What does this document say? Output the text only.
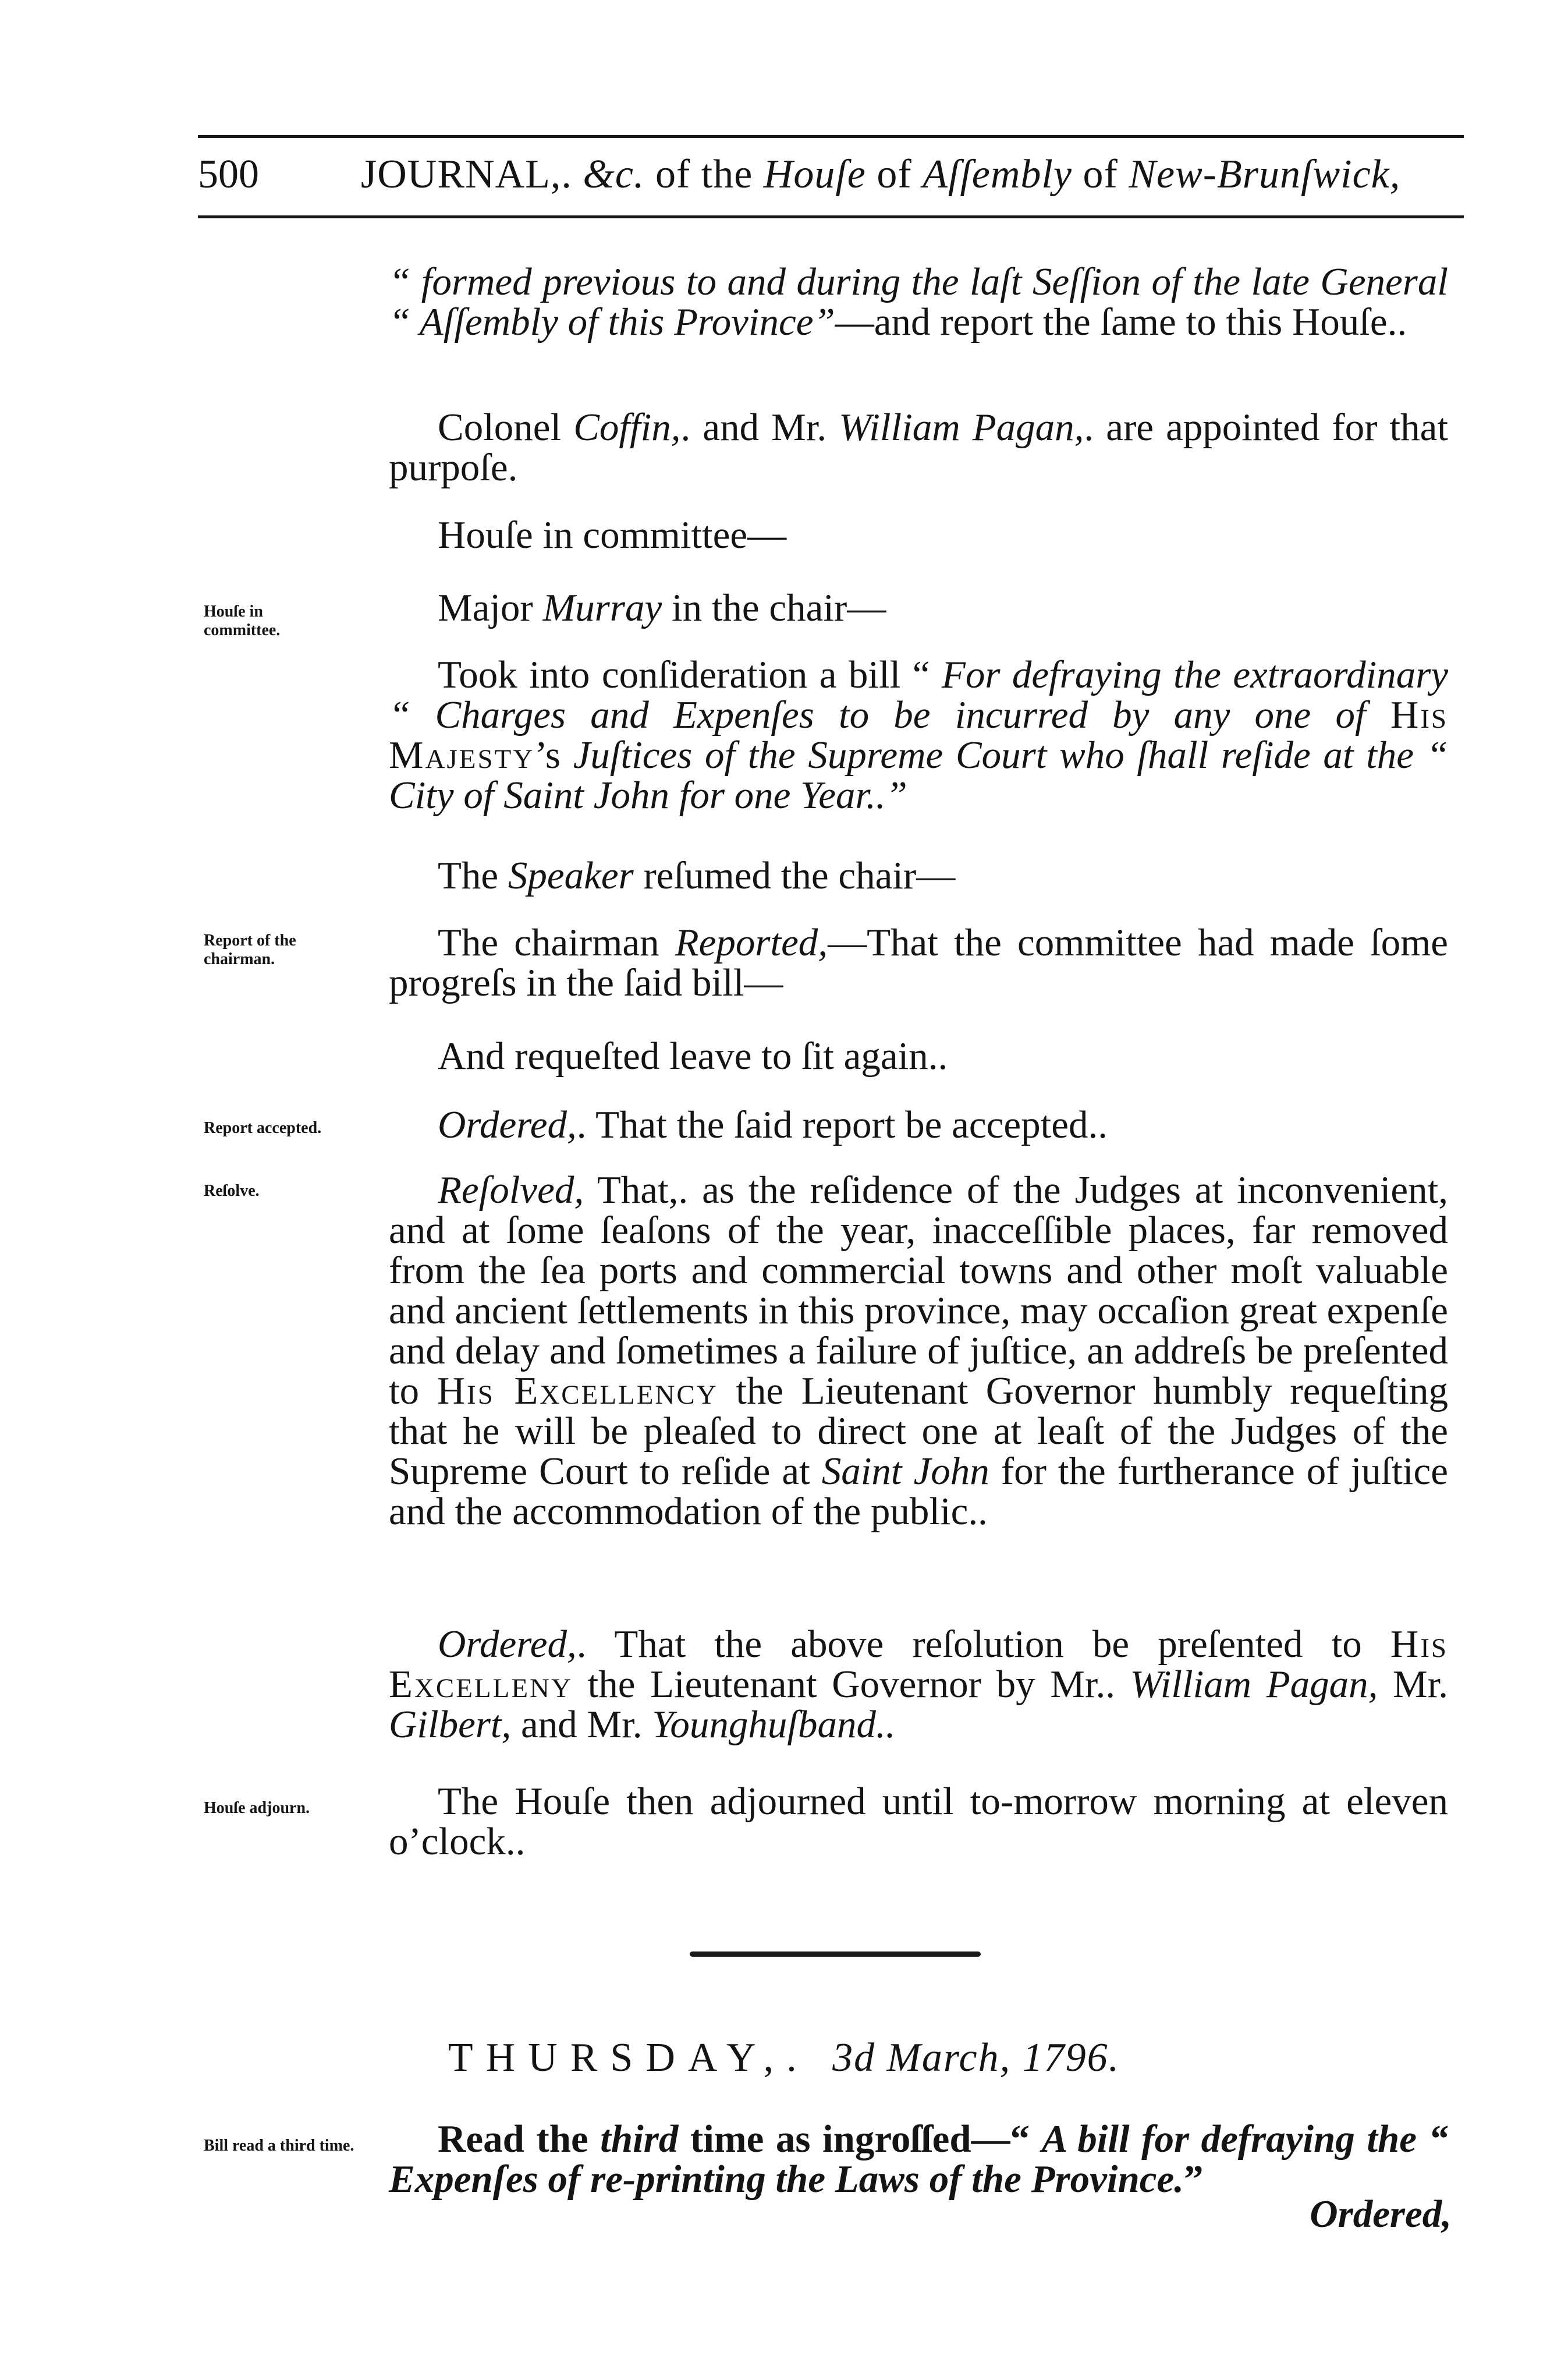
500	JOURNAL,. &c. of the Houſe of Aſſembly of New-Brunſwick,
“ formed previous to and during the laſt Seſſion of the late General “ Aſſembly of this Province”—and report the ſame to this Houſe..
Colonel Coffin,. and Mr. William Pagan,. are appointed for that purpoſe.
Houſe in committee—
Houſe in committee.
Major Murray in the chair—
Took into conſideration a bill “ For defraying the extraordinary “ Charges and Expenſes to be incurred by any one of His Majesty’s Juſtices of the Supreme Court who ſhall reſide at the “ City of Saint John for one Year..”
The Speaker reſumed the chair—
Report of the chairman.	The chairman Reported,—That the committee had made ſome progreſs in the ſaid bill—
And requeſted leave to ſit again..
Report accepted.	Ordered,. That the ſaid report be accepted..
Reſolve.	Reſolved, That,. as the reſidence of the Judges at inconvenient, and at ſome ſeaſons of the year, inacceſſible places, far removed from the ſea ports and commercial towns and other moſt valuable and ancient ſettlements in this province, may occaſion great expenſe and delay and ſometimes a failure of juſtice, an addreſs be preſented to His Excellency the Lieutenant Governor humbly requeſting that he will be pleaſed to direct one at leaſt of the Judges of the Supreme Court to reſide at Saint John for the furtherance of juſtice and the accommodation of the public..
Ordered,. That the above reſolution be preſented to His Excelleny the Lieutenant Governor by Mr.. William Pagan, Mr. Gilbert, and Mr. Younghuſband..
Houſe adjourn.	The Houſe then adjourned until to-morrow morning at eleven o’clock..
THURSDAY,. 3d March, 1796.
Bill read a third time.	Read the third time as ingroſſed—“ A bill for defraying the “ Expenſes of re-printing the Laws of the Province.”
Ordered,
